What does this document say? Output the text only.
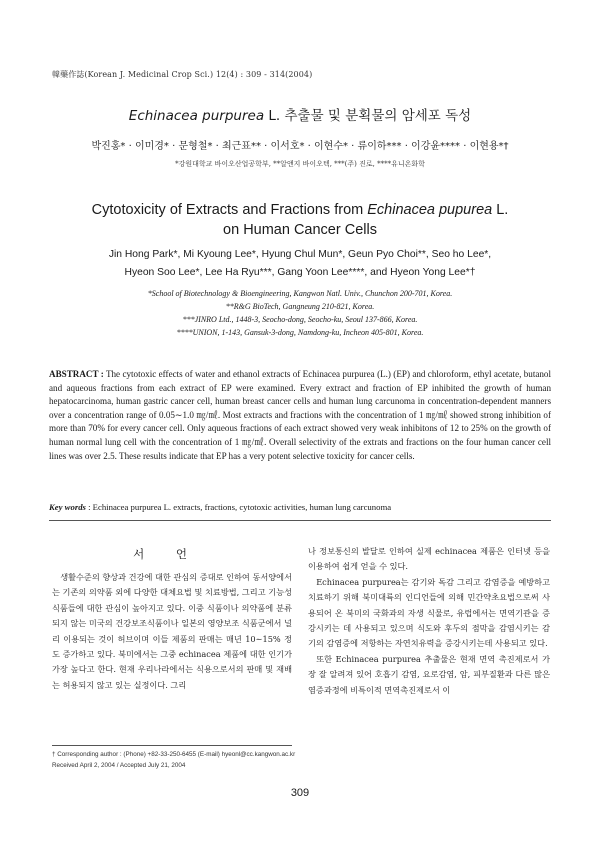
韓藥作誌(Korean J. Medicinal Crop Sci.) 12(4) : 309 - 314(2004)
Echinacea purpurea L. 추출물 및 분획물의 암세포 독성
박진홍* · 이미경* · 문형철* · 최근표** · 이서호* · 이현수* · 류이하*** · 이강윤**** · 이현용*†
*강원대학교 바이오산업공학부, **알앤지 바이오텍, ***(주) 진로, ****유니온화학
Cytotoxicity of Extracts and Fractions from Echinacea pupurea L.
on Human Cancer Cells
Jin Hong Park*, Mi Kyoung Lee*, Hyung Chul Mun*, Geun Pyo Choi**, Seo ho Lee*,
Hyeon Soo Lee*, Lee Ha Ryu***, Gang Yoon Lee****, and Hyeon Yong Lee*†
*School of Biotechnology & Bioengineering, Kangwon Natl. Univ., Chunchon 200-701, Korea.
**R&G BioTech, Gangneung 210-821, Korea.
***JINRO Ltd., 1448-3, Seocho-dong, Seocho-ku, Seoul 137-866, Korea.
****UNION, 1-143, Gansuk-3-dong, Namdong-ku, Incheon 405-801, Korea.
ABSTRACT : The cytotoxic effects of water and ethanol extracts of Echinacea purpurea (L.) (EP) and chloroform, ethyl acetate, butanol and aqueous fractions from each extract of EP were examined. Every extract and fraction of EP inhibited the growth of human hepatocarcinoma, human gastric cancer cell, human breast cancer cells and human lung carcunoma in concentration-dependent manners over a concentration range of 0.05∼1.0 ㎎/㎖. Most extracts and fractions with the concentration of 1 ㎎/㎖ showed strong inhibition of more than 70% for every cancer cell. Only aqueous fractions of each extract showed very weak inhibitons of 12 to 25% on the growth of human normal lung cell with the concentration of 1 ㎎/㎖. Overall selectivity of the extrats and fractions on the four human cancer cell lines was over 2.5. These results indicate that EP has a very potent selective toxicity for cancer cells.
Key words : Echinacea purpurea L. extracts, fractions, cytotoxic activities, human lung carcunoma
서 언
생활수준의 향상과 건강에 대한 관심의 증대로 인하여 동서양에서는 기존의 의약품 외에 다양한 대체요법 및 치료방법, 그리고 기능성 식품들에 대한 관심이 높아지고 있다. 이중 식품이나 의약품에 분류되지 않는 미국의 건강보조식품이나 일본의 영양보조 식품군에서 널리 이용되는 것이 허브이며 이들 제품의 판매는 매년 10∼15% 정도 증가하고 있다. 북미에서는 그중 echinacea 제품에 대한 인기가 가장 높다고 한다. 현재 우리나라에서는 식용으로서의 판매 및 재배는 허용되지 않고 있는 실정이다. 그리
나 정보통신의 발달로 인하여 실제 echinacea 제품은 인터넷 등을 이용하여 쉽게 얻을 수 있다.
Echinacea purpurea는 감기와 독감 그리고 감염증을 예방하고 치료하기 위해 북미대륙의 인디언들에 의해 민간약초요법으로써 사용되어 온 북미의 국화과의 자생 식물로, 유럽에서는 면역기관을 증강시키는 데 사용되고 있으며 식도와 후두의 점막을 감염시키는 감기의 감염증에 저항하는 자연치유력을 증강시키는데 사용되고 있다.
또한 Echinacea purpurea 추출물은 현재 면역 촉진제로서 가장 잘 알려져 있어 호흡기 감염, 요로감염, 암, 피부질환과 다른 많은 염증과정에 비특이적 면역촉진제로서 이
† Corresponding author : (Phone) +82-33-250-6455 (E-mail) hyeonl@cc.kangwon.ac.kr
Received April 2, 2004 / Accepted July 21, 2004
309
